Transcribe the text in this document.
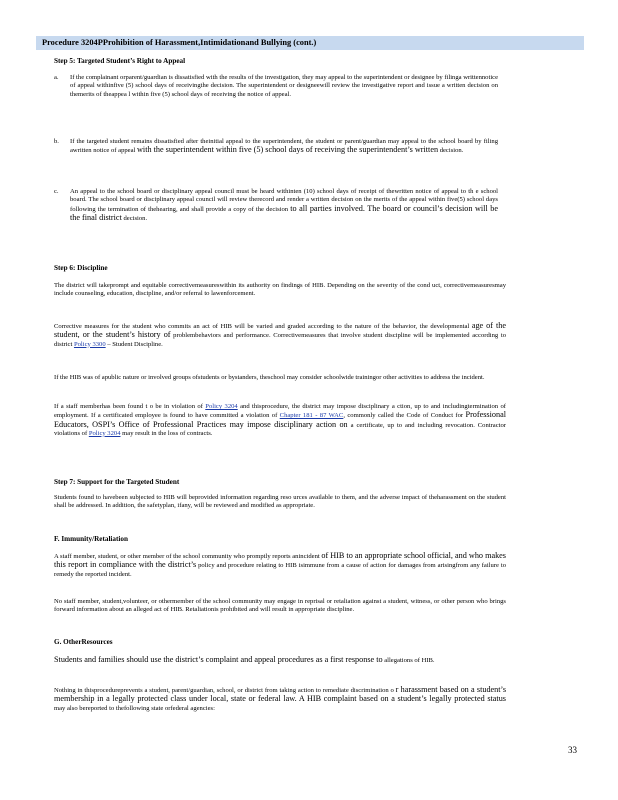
Procedure 3204PProhibition of Harassment,Intimidationand Bullying (cont.)
Step 5: Targeted Student’s Right to Appeal
a. If the complainant orparent/guardian is dissatisfied with the results of the investigation, they may appeal to the superintendent or designee by filinga writtennotice of appeal withinfive (5) school days of receivingthe decision. The superintendent or designeewill review the investigative report and issue a written decision on themerits of theappea l within five (5) school days of receiving the notice of appeal.
b. If the targeted student remains dissatisfied after theinitial appeal to the superintendent, the student or parent/guardian may appeal to the school board by filing awritten notice of appeal with the superintendent within five (5) school days of receiving the superintendent’s written decision.
c. An appeal to the school board or disciplinary appeal council must be heard withinten (10) school days of receipt of thewritten notice of appeal to th e school board. The school board or disciplinary appeal council will review therecord and render a written decision on the merits of the appeal within five(5) school days following the termination of thehearing, and shall provide a copy of the decision to all parties involved. The board or council’s decision will be the final district decision.
Step 6: Discipline
The district will takeprompt and equitable correctivemeasureswithin its authority on findings of HIB. Depending on the severity of the cond uct, correctivemeasuresmay include counseling, education, discipline, and/or referral to lawenforcement.
Corrective measures for the student who commits an act of HIB will be varied and graded according to the nature of the behavior, the developmental age of the student, or the student’s history of problembehaviors and performance. Correctivemeasures that involve student discipline will be implemented according to district Policy 3300 – Student Discipline.
If the HIB was of apublic nature or involved groups ofstudents or bystanders, theschool may consider schoolwide trainingor other activities to address the incident.
If a staff memberhas been found t o be in violation of Policy 3204 and thisprocedure, the district may impose disciplinary a ction, up to and includingtermination of employment. If a certificated employee is found to have committed a violation of Chapter 181 - 87 WAC, commonly called the Code of Conduct for Professional Educators, OSPI’s Office of Professional Practices may impose disciplinary action on a certificate, up to and including revocation. Contractor violations of Policy 3204 may result in the loss of contracts.
Step 7: Support for the Targeted Student
Students found to havebeen subjected to HIB will beprovided information regarding reso urces available to them, and the adverse impact of theharassment on the student shall be addressed. In addition, the safetyplan, ifany, will be reviewed and modified as appropriate.
F. Immunity/Retaliation
A staff member, student, or other member of the school community who promptly reports anincident of HIB to an appropriate school official, and who makes this report in compliance with the district’s policy and procedure relating to HIB isimmune from a cause of action for damages from arisingfrom any failure to remedy the reported incident.
No staff member, student,volunteer, or othermember of the school community may engage in reprisal or retaliation against a student, witness, or other person who brings forward information about an alleged act of HIB. Retaliationis prohibited and will result in appropriate discipline.
G. OtherResources
Students and families should use the district’s complaint and appeal procedures as a first response to allegations of HIB.
Nothing in thisprocedureprevents a student, parent/guardian, school, or district from taking action to remediate discrimination o r harassment based on a student’s membership in a legally protected class under local, state or federal law. A HIB complaint based on a student’s legally protected status may also bereported to thefollowing state orfederal agencies:
33
